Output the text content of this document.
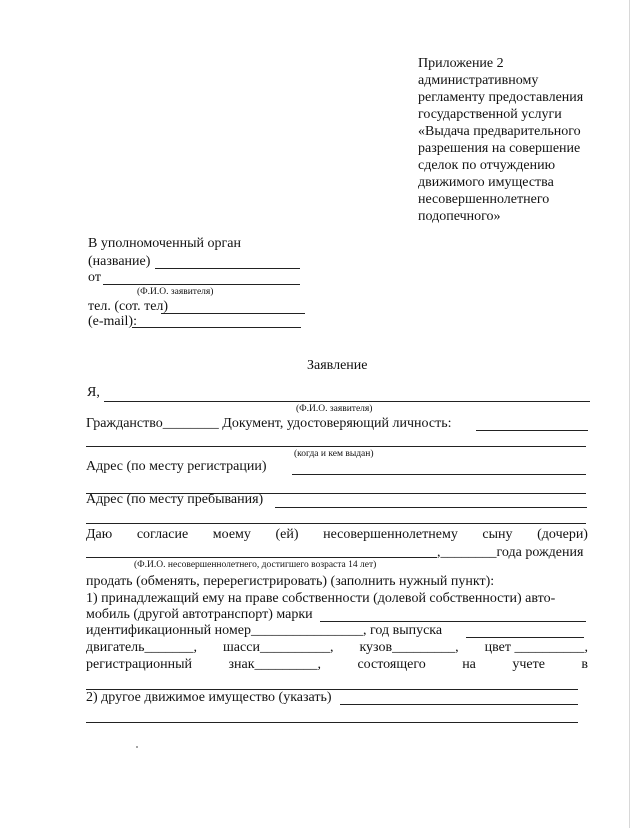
Приложение 2
административному
регламенту предоставления
государственной услуги
«Выдача предварительного
разрешения на совершение
сделок по отчуждению
движимого имущества
несовершеннолетнего
подопечного»
В уполномоченный орган
(название)
от
(Ф.И.О. заявителя)
тел. (сот. тел)
(e-mail):
Заявление
Я,
(Ф.И.О. заявителя)
Гражданство________ Документ, удостоверяющий личность:
(когда и кем выдан)
Адрес (по месту регистрации)
Адрес (по месту пребывания)
Даю согласие моему (ей) несовершеннолетнему сыну (дочери)
,________года рождения
(Ф.И.О. несовершеннолетнего, достигшего возраста 14 лет)
продать (обменять, перерегистрировать) (заполнить нужный пункт):
1) принадлежащий ему на праве собственности (долевой собственности) авто-
мобиль (другой автотранспорт) марки
идентификационный номер________________, год выпуска
двигатель_______, шасси__________, кузов_________, цвет __________,
регистрационный	знак_________,	состоящего	на	учете	в
2) другое движимое имущество (указать)
